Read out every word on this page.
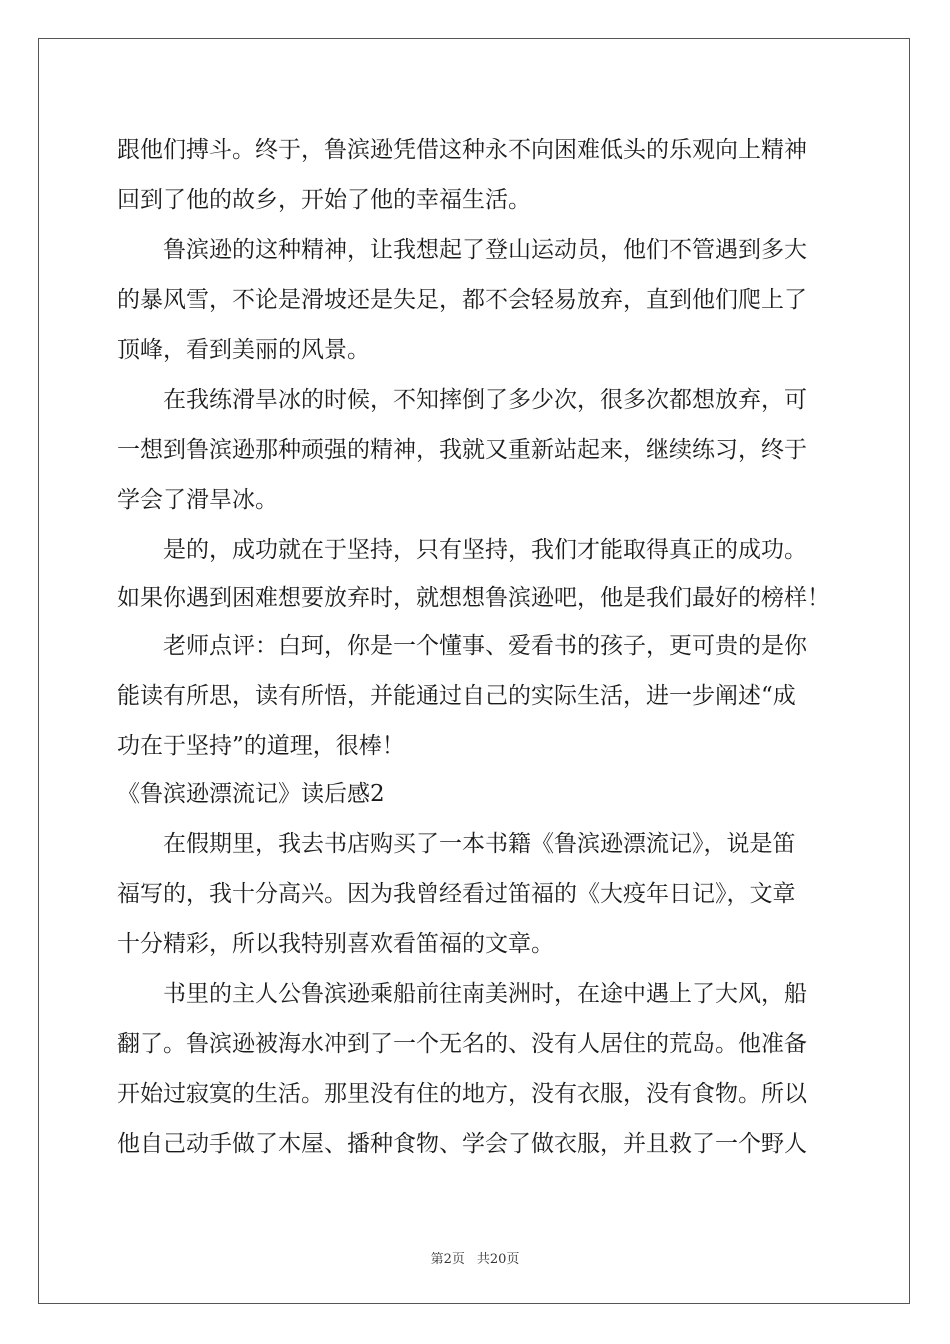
跟他们搏斗。终于，鲁滨逊凭借这种永不向困难低头的乐观向上精神
回到了他的故乡，开始了他的幸福生活。
鲁滨逊的这种精神，让我想起了登山运动员，他们不管遇到多大
的暴风雪，不论是滑坡还是失足，都不会轻易放弃，直到他们爬上了
顶峰，看到美丽的风景。
在我练滑旱冰的时候，不知摔倒了多少次，很多次都想放弃，可
一想到鲁滨逊那种顽强的精神，我就又重新站起来，继续练习，终于
学会了滑旱冰。
是的，成功就在于坚持，只有坚持，我们才能取得真正的成功。
如果你遇到困难想要放弃时，就想想鲁滨逊吧，他是我们最好的榜样！
老师点评：白珂，你是一个懂事、爱看书的孩子，更可贵的是你
能读有所思，读有所悟，并能通过自己的实际生活，进一步阐述“成
功在于坚持”的道理，很棒！
《鲁滨逊漂流记》读后感2
在假期里，我去书店购买了一本书籍《鲁滨逊漂流记》，说是笛
福写的，我十分高兴。因为我曾经看过笛福的《大疫年日记》，文章
十分精彩，所以我特别喜欢看笛福的文章。
书里的主人公鲁滨逊乘船前往南美洲时，在途中遇上了大风，船
翻了。鲁滨逊被海水冲到了一个无名的、没有人居住的荒岛。他准备
开始过寂寞的生活。那里没有住的地方，没有衣服，没有食物。所以
他自己动手做了木屋、播种食物、学会了做衣服，并且救了一个野人
第2页 共20页
